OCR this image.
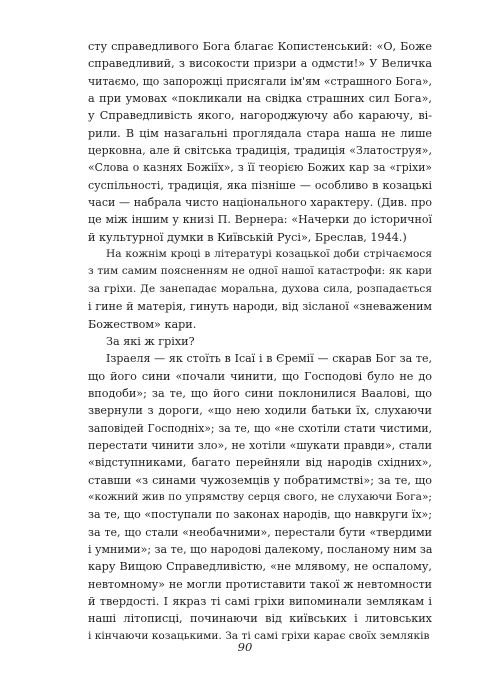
сту справедливого Бога благає Копистенський: «О, Боже
справедливий, з високости призри а одмсти!» У Величка
читаємо, що запорожці присягали ім'ям «страшного Бога»,
а при умовах «покликали на свідка страшних сил Бога»,
у Справедливість якого, нагороджуючу або караючу, ві-
рили. В цім назагальні проглядала стара наша не лише
церковна, але й світська традиція, традиція «Златоструя»,
«Слова о казнях Божіїх», з її теорією Божих кар за «гріхи»
суспільності, традиція, яка пізніше — особливо в козацькі
часи — набрала чисто національного характеру. (Див. про
це між іншим у книзі П. Вернера: «Начерки до історичної
й культурної думки в Київській Русі», Бреслав, 1944.)
На кожнім кроці в літературі козацької доби стрічаємося
з тим самим поясненням не одної нашої катастрофи: як кари
за гріхи. Де занепадає моральна, духова сила, розпадається
і гине й матерія, гинуть народи, від зісланої «зневаженим
Божеством» кари.
За які ж гріхи?
Ізраеля — як стоїть в Ісаї і в Єремії — скарав Бог за те,
що його сини «почали чинити, що Господові було не до
вподоби»; за те, що його сини поклонилися Ваалові, що
звернули з дороги, «що нею ходили батьки їх, слухаючи
заповідей Господніх»; за те, що «не схотіли стати чистими,
перестати чинити зло», не хотіли «шукати правди», стали
«відступниками, багато перейняли від народів східних»,
ставши «з синами чужоземців у побратимстві»; за те, що
«кожний жив по упрямству серця свого, не слухаючи Бога»;
за те, що «поступали по законах народів, що навкруги їх»;
за те, що стали «необачними», перестали бути «твердими
і умними»; за те, що народові далекому, посланому ним за
кару Вищою Справедливістю, «не млявому, не оспалому,
невтомному» не могли протиставити такої ж невтомности
й твердості. І якраз ті самі гріхи випоминали землякам і
наші літописці, починаючи від київських і литовських
і кінчаючи козацькими. За ті самі гріхи карає своїх земляків
90
